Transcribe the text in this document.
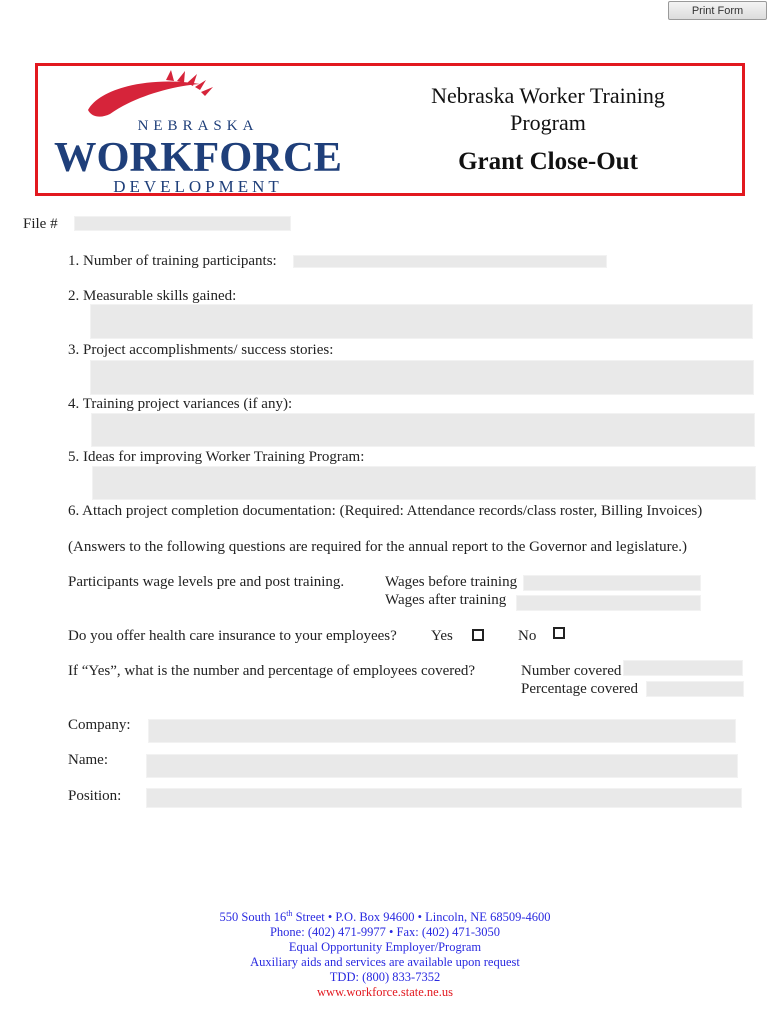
Print Form
NEBRASKA
WORKFORCE
DEVELOPMENT
Nebraska Worker Training
Program
Grant Close-Out
File #
1. Number of training participants:
2. Measurable skills gained:
3. Project accomplishments/ success stories:
4. Training project variances (if any):
5. Ideas for improving Worker Training Program:
6. Attach project completion documentation: (Required: Attendance records/class roster, Billing Invoices)
(Answers to the following questions are required for the annual report to the Governor and legislature.)
Participants wage levels pre and post training.	Wages before training
Wages after training
Do you offer health care insurance to your employees? Yes	No
If “Yes”, what is the number and percentage of employees covered?	Number covered
Percentage covered
Company:
Name:
Position:
550 South 16th Street • P.O. Box 94600 • Lincoln, NE 68509-4600
Phone: (402) 471-9977 • Fax: (402) 471-3050
Equal Opportunity Employer/Program
Auxiliary aids and services are available upon request
TDD: (800) 833-7352
www.workforce.state.ne.us
